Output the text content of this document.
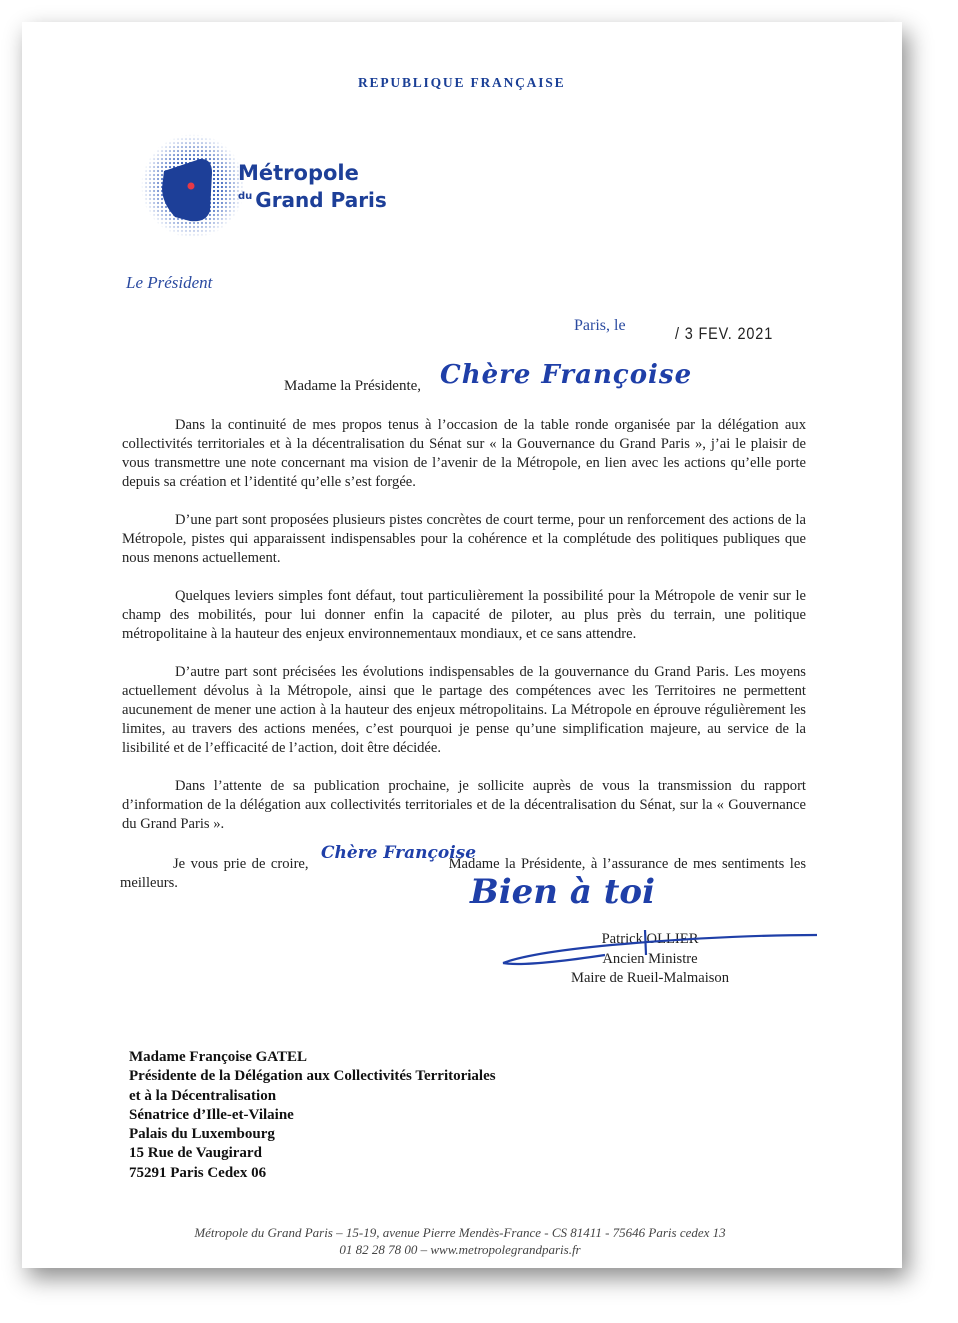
REPUBLIQUE FRANÇAISE
Métropole
$^{du}$ Grand Paris
Le Président
Paris, le	/ 3 FEV. 2021
Madame la Présidente, Chère Françoise

Dans la continuité de mes propos tenus à l’occasion de la table ronde organisée par la délégation aux collectivités territoriales et à la décentralisation du Sénat sur « la Gouvernance du Grand Paris », j’ai le plaisir de vous transmettre une note concernant ma vision de l’avenir de la Métropole, en lien avec les actions qu’elle porte depuis sa création et l’identité qu’elle s’est forgée.

D’une part sont proposées plusieurs pistes concrètes de court terme, pour un renforcement des actions de la Métropole, pistes qui apparaissent indispensables pour la cohérence et la complétude des politiques publiques que nous menons actuellement.

Quelques leviers simples font défaut, tout particulièrement la possibilité pour la Métropole de venir sur le champ des mobilités, pour lui donner enfin la capacité de piloter, au plus près du terrain, une politique métropolitaine à la hauteur des enjeux environnementaux mondiaux, et ce sans attendre.

D’autre part sont précisées les évolutions indispensables de la gouvernance du Grand Paris. Les moyens actuellement dévolus à la Métropole, ainsi que le partage des compétences avec les Territoires ne permettent aucunement de mener une action à la hauteur des enjeux métropolitains. La Métropole en éprouve régulièrement les limites, au travers des actions menées, c’est pourquoi je pense qu’une simplification majeure, au service de la lisibilité et de l’efficacité de l’action, doit être décidée.

Dans l’attente de sa publication prochaine, je sollicite auprès de vous la transmission du rapport d’information de la délégation aux collectivités territoriales et de la décentralisation du Sénat, sur la « Gouvernance du Grand Paris ».

Je vous prie de croire,	Madame la Présidente, à l’assurance de mes sentiments les meilleurs.
Chère Françoise
Bien à toi
Patrick OLLIER
Ancien Ministre
Maire de Rueil-Malmaison
Madame Françoise GATEL
Présidente de la Délégation aux Collectivités Territoriales
et à la Décentralisation
Sénatrice d’Ille-et-Vilaine
Palais du Luxembourg
15 Rue de Vaugirard
75291 Paris Cedex 06
Métropole du Grand Paris – 15-19, avenue Pierre Mendès-France - CS 81411 - 75646 Paris cedex 13
01 82 28 78 00 – www.metropolegrandparis.fr
